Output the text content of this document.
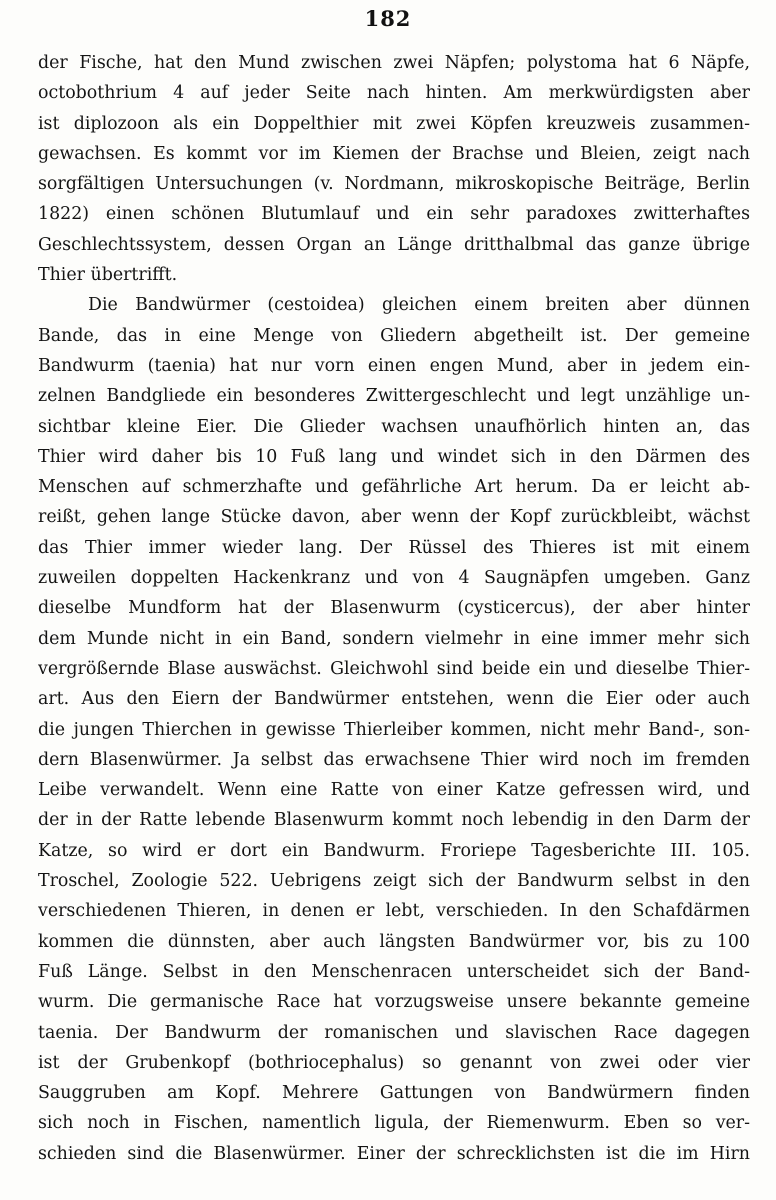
182
der Fische, hat den Mund zwischen zwei Näpfen; polystoma hat 6 Näpfe,
octobothrium 4 auf jeder Seite nach hinten. Am merkwürdigsten aber
ist diplozoon als ein Doppelthier mit zwei Köpfen kreuzweis zusammen-
gewachsen. Es kommt vor im Kiemen der Brachse und Bleien, zeigt nach
sorgfältigen Untersuchungen (v. Nordmann, mikroskopische Beiträge, Berlin
1822) einen schönen Blutumlauf und ein sehr paradoxes zwitterhaftes
Geschlechtssystem, dessen Organ an Länge dritthalbmal das ganze übrige
Thier übertrifft.
Die Bandwürmer (cestoidea) gleichen einem breiten aber dünnen
Bande, das in eine Menge von Gliedern abgetheilt ist. Der gemeine
Bandwurm (taenia) hat nur vorn einen engen Mund, aber in jedem ein-
zelnen Bandgliede ein besonderes Zwittergeschlecht und legt unzählige un-
sichtbar kleine Eier. Die Glieder wachsen unaufhörlich hinten an, das
Thier wird daher bis 10 Fuß lang und windet sich in den Därmen des
Menschen auf schmerzhafte und gefährliche Art herum. Da er leicht ab-
reißt, gehen lange Stücke davon, aber wenn der Kopf zurückbleibt, wächst
das Thier immer wieder lang. Der Rüssel des Thieres ist mit einem
zuweilen doppelten Hackenkranz und von 4 Saugnäpfen umgeben. Ganz
dieselbe Mundform hat der Blasenwurm (cysticercus), der aber hinter
dem Munde nicht in ein Band, sondern vielmehr in eine immer mehr sich
vergrößernde Blase auswächst. Gleichwohl sind beide ein und dieselbe Thier-
art. Aus den Eiern der Bandwürmer entstehen, wenn die Eier oder auch
die jungen Thierchen in gewisse Thierleiber kommen, nicht mehr Band-, son-
dern Blasenwürmer. Ja selbst das erwachsene Thier wird noch im fremden
Leibe verwandelt. Wenn eine Ratte von einer Katze gefressen wird, und
der in der Ratte lebende Blasenwurm kommt noch lebendig in den Darm der
Katze, so wird er dort ein Bandwurm. Froriepe Tagesberichte III. 105.
Troschel, Zoologie 522. Uebrigens zeigt sich der Bandwurm selbst in den
verschiedenen Thieren, in denen er lebt, verschieden. In den Schafdärmen
kommen die dünnsten, aber auch längsten Bandwürmer vor, bis zu 100
Fuß Länge. Selbst in den Menschenracen unterscheidet sich der Band-
wurm. Die germanische Race hat vorzugsweise unsere bekannte gemeine
taenia. Der Bandwurm der romanischen und slavischen Race dagegen
ist der Grubenkopf (bothriocephalus) so genannt von zwei oder vier
Sauggruben am Kopf. Mehrere Gattungen von Bandwürmern finden
sich noch in Fischen, namentlich ligula, der Riemenwurm. Eben so ver-
schieden sind die Blasenwürmer. Einer der schrecklichsten ist die im Hirn
